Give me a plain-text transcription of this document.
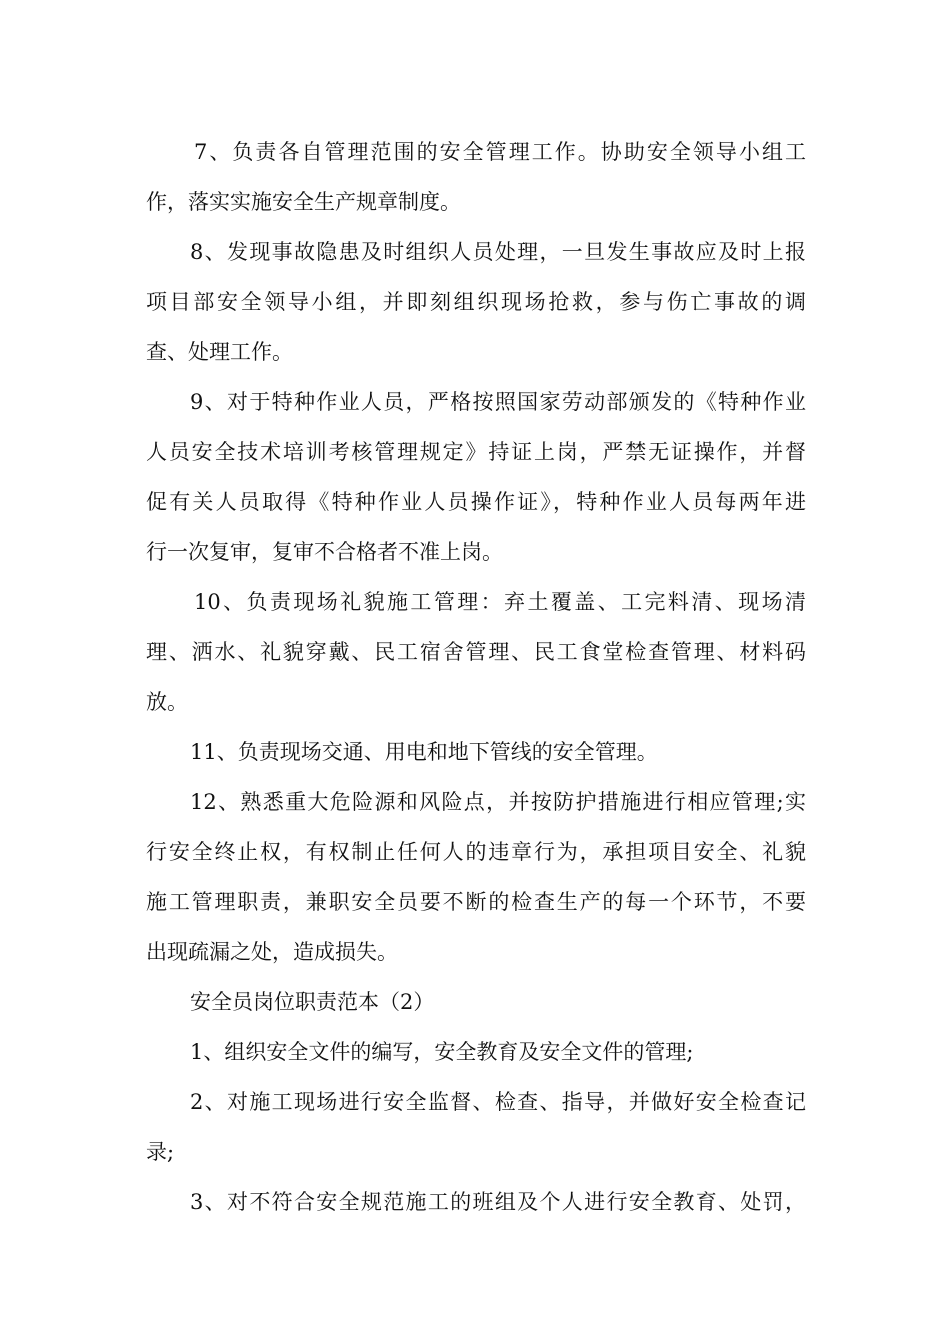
7、负责各自管理范围的安全管理工作。协助安全领导小组工
作，落实实施安全生产规章制度。
8、发现事故隐患及时组织人员处理，一旦发生事故应及时上报
项目部安全领导小组，并即刻组织现场抢救，参与伤亡事故的调
查、处理工作。
9、对于特种作业人员，严格按照国家劳动部颁发的《特种作业
人员安全技术培训考核管理规定》持证上岗，严禁无证操作，并督
促有关人员取得《特种作业人员操作证》，特种作业人员每两年进
行一次复审，复审不合格者不准上岗。
10、负责现场礼貌施工管理：弃土覆盖、工完料清、现场清
理、洒水、礼貌穿戴、民工宿舍管理、民工食堂检查管理、材料码
放。
11、负责现场交通、用电和地下管线的安全管理。
12、熟悉重大危险源和风险点，并按防护措施进行相应管理;实
行安全终止权，有权制止任何人的违章行为，承担项目安全、礼貌
施工管理职责，兼职安全员要不断的检查生产的每一个环节，不要
出现疏漏之处，造成损失。
安全员岗位职责范本（2）
1、组织安全文件的编写，安全教育及安全文件的管理;
2、对施工现场进行安全监督、检查、指导，并做好安全检查记
录;
3、对不符合安全规范施工的班组及个人进行安全教育、处罚，
